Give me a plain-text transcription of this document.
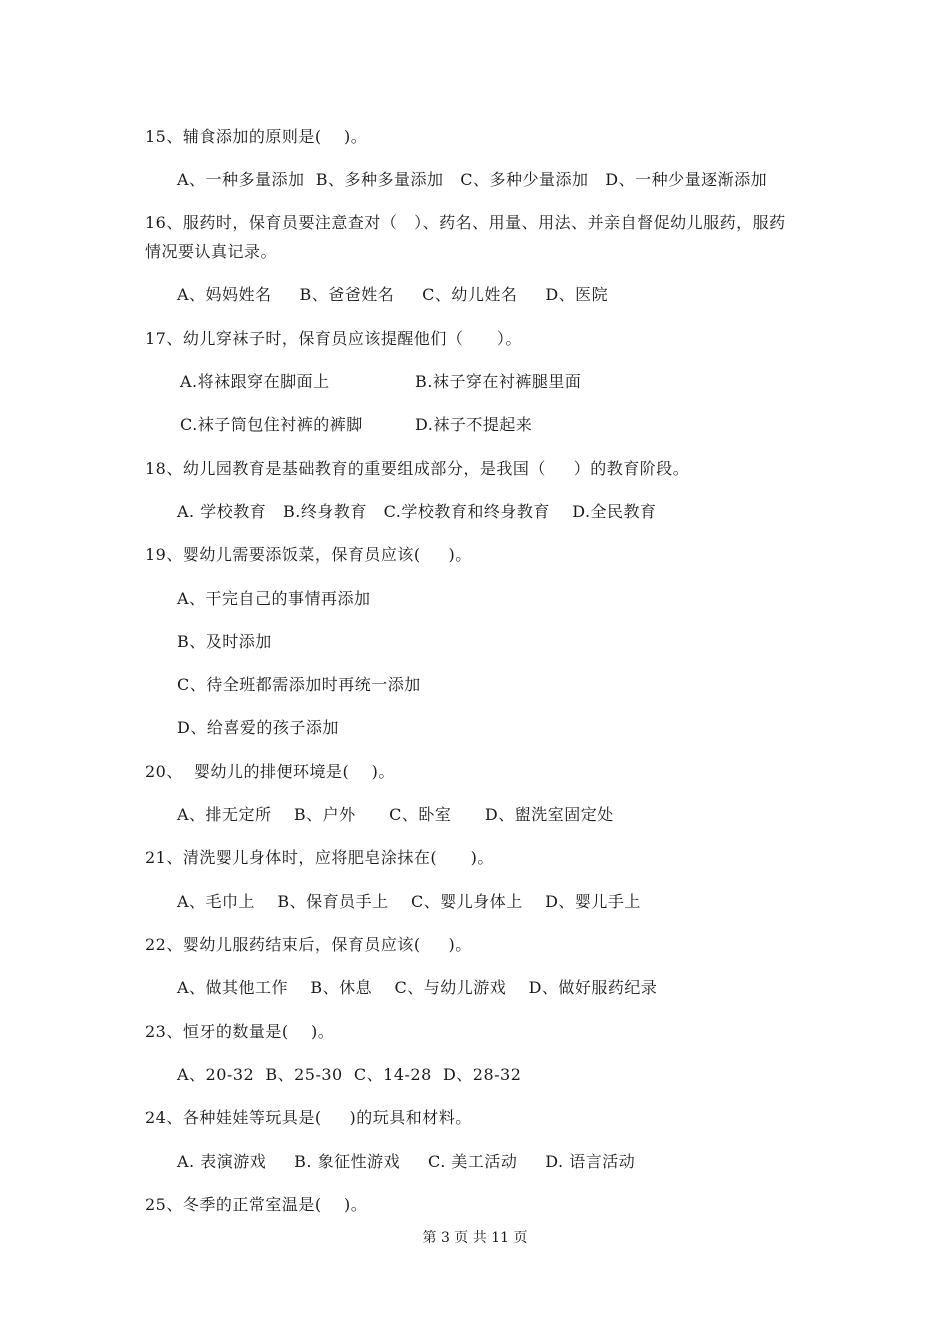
15、辅食添加的原则是(    )。
A、一种多量添加  B、多种多量添加   C、多种少量添加   D、一种少量逐渐添加
16、服药时，保育员要注意查对（   ）、药名、用量、用法、并亲自督促幼儿服药，服药
情况要认真记录。
A、妈妈姓名     B、爸爸姓名     C、幼儿姓名     D、医院
17、幼儿穿袜子时，保育员应该提醒他们（      ）。
A.将袜跟穿在脚面上	B.袜子穿在衬裤腿里面
C.袜子筒包住衬裤的裤脚	D.袜子不提起来
18、幼儿园教育是基础教育的重要组成部分，是我国（     ）的教育阶段。
A. 学校教育   B.终身教育   C.学校教育和终身教育    D.全民教育
19、婴幼儿需要添饭菜，保育员应该(     )。
A、干完自己的事情再添加
B、及时添加
C、待全班都需添加时再统一添加
D、给喜爱的孩子添加
20、  婴幼儿的排便环境是(    )。
A、排无定所    B、户外      C、卧室      D、盥洗室固定处
21、清洗婴儿身体时，应将肥皂涂抹在(      )。
A、毛巾上    B、保育员手上    C、婴儿身体上    D、婴儿手上
22、婴幼儿服药结束后，保育员应该(     )。
A、做其他工作    B、休息    C、与幼儿游戏    D、做好服药纪录
23、恒牙的数量是(    )。
A、20-32  B、25-30  C、14-28  D、28-32
24、各种娃娃等玩具是(     )的玩具和材料。
A. 表演游戏     B. 象征性游戏     C. 美工活动     D. 语言活动
25、冬季的正常室温是(    )。
第 3 页 共 11 页
